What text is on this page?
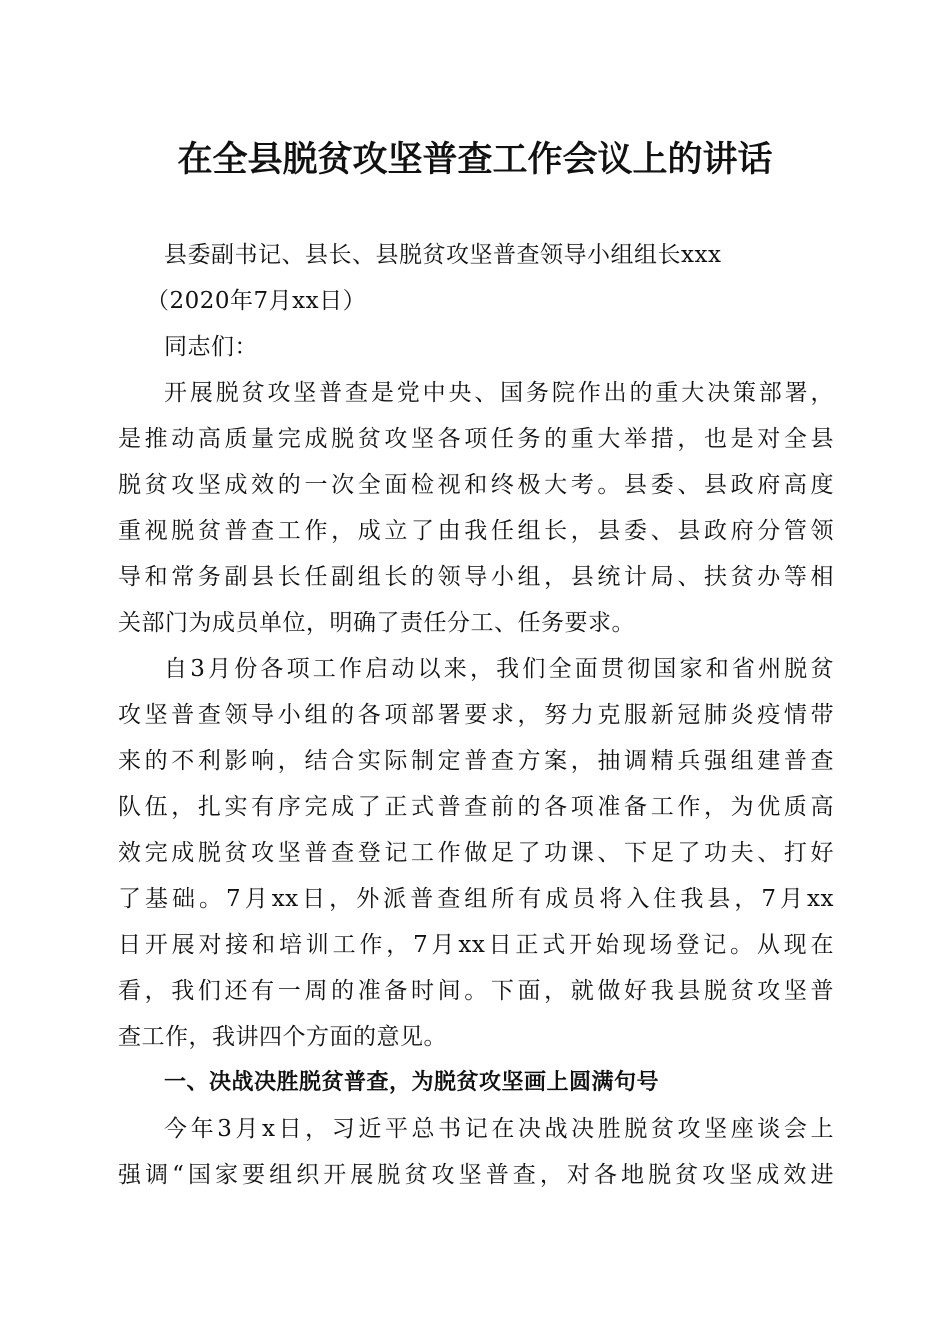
在全县脱贫攻坚普查工作会议上的讲话
县委副书记、县长、县脱贫攻坚普查领导小组组长xxx
（2020年7月xx日）
同志们：
开展脱贫攻坚普查是党中央、国务院作出的重大决策部署，
是推动高质量完成脱贫攻坚各项任务的重大举措，也是对全县
脱贫攻坚成效的一次全面检视和终极大考。县委、县政府高度
重视脱贫普查工作，成立了由我任组长，县委、县政府分管领
导和常务副县长任副组长的领导小组，县统计局、扶贫办等相
关部门为成员单位，明确了责任分工、任务要求。
自3月份各项工作启动以来，我们全面贯彻国家和省州脱贫
攻坚普查领导小组的各项部署要求，努力克服新冠肺炎疫情带
来的不利影响，结合实际制定普查方案，抽调精兵强组建普查
队伍，扎实有序完成了正式普查前的各项准备工作，为优质高
效完成脱贫攻坚普查登记工作做足了功课、下足了功夫、打好
了基础。7月xx日，外派普查组所有成员将入住我县，7月xx
日开展对接和培训工作，7月xx日正式开始现场登记。从现在
看，我们还有一周的准备时间。下面，就做好我县脱贫攻坚普
查工作，我讲四个方面的意见。
一、决战决胜脱贫普查，为脱贫攻坚画上圆满句号
今年3月x日，习近平总书记在决战决胜脱贫攻坚座谈会上
强调“国家要组织开展脱贫攻坚普查，对各地脱贫攻坚成效进
